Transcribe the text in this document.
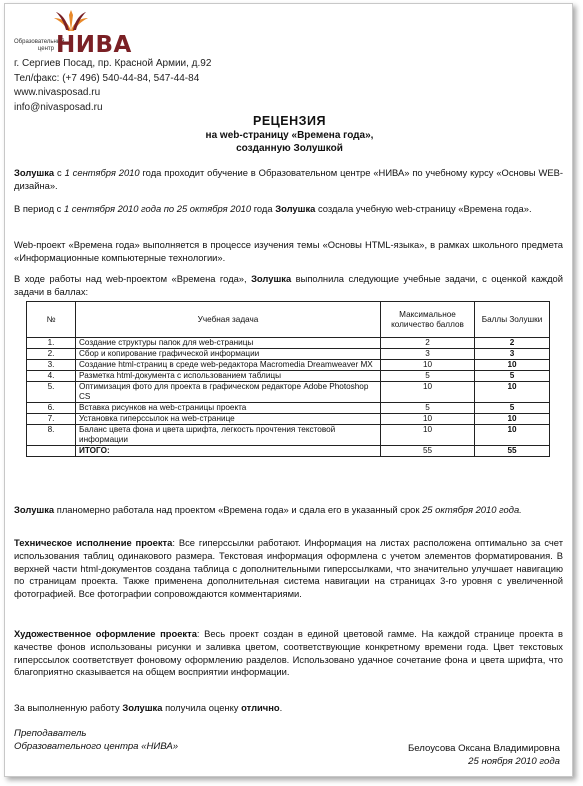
Образовательный центр НИВА
г. Сергиев Посад, пр. Красной Армии, д.92
Тел/факс: (+7 496) 540-44-84, 547-44-84
www.nivasposad.ru
info@nivasposad.ru
РЕЦЕНЗИЯ
на web-страницу «Времена года»,
созданную Золушкой

Золушка с 1 сентября 2010 года проходит обучение в Образовательном центре «НИВА» по учебному курсу «Основы WEB-дизайна».

В период с 1 сентября 2010 года по 25 октября 2010 года Золушка создала учебную web-страницу «Времена года».

Web-проект «Времена года» выполняется в процессе изучения темы «Основы HTML-языка», в рамках школьного предмета «Информационные компьютерные технологии».

В ходе работы над web-проектом «Времена года», Золушка выполнила следующие учебные задачи, с оценкой каждой задачи в баллах:

№	Учебная задача	Максимальное количество баллов	Баллы Золушки
1.	Создание структуры папок для web-страницы	2	2
2.	Сбор и копирование графической информации	3	3
3.	Создание html-страниц в среде web-редактора Macromedia Dreamweaver MX	10	10
4.	Разметка html-документа с использованием таблицы	5	5
5.	Оптимизация фото для проекта в графическом редакторе Adobe Photoshop CS	10	10
6.	Вставка рисунков на web-страницы проекта	5	5
7.	Установка гиперссылок на web-странице	10	10
8.	Баланс цвета фона и цвета шрифта, легкость прочтения текстовой информации	10	10
	ИТОГО:	55	55

Золушка планомерно работала над проектом «Времена года» и сдала его в указанный срок 25 октября 2010 года.

Техническое исполнение проекта: Все гиперссылки работают. Информация на листах расположена оптимально за счет использования таблиц одинакового размера. Текстовая информация оформлена с учетом элементов форматирования. В верхней части html-документов создана таблица с дополнительными гиперссылками, что значительно улучшает навигацию по страницам проекта. Также применена дополнительная система навигации на страницах 3-го уровня с увеличенной фотографией. Все фотографии сопровождаются комментариями.

Художественное оформление проекта: Весь проект создан в единой цветовой гамме. На каждой странице проекта в качестве фонов использованы рисунки и заливка цветом, соответствующие конкретному времени года. Цвет текстовых гиперссылок соответствует фоновому оформлению разделов. Использовано удачное сочетание фона и цвета шрифта, что благоприятно сказывается на общем восприятии информации.

За выполненную работу Золушка получила оценку отлично.

Преподаватель
Образовательного центра «НИВА»	Белоусова Оксана Владимировна
25 ноября 2010 года
